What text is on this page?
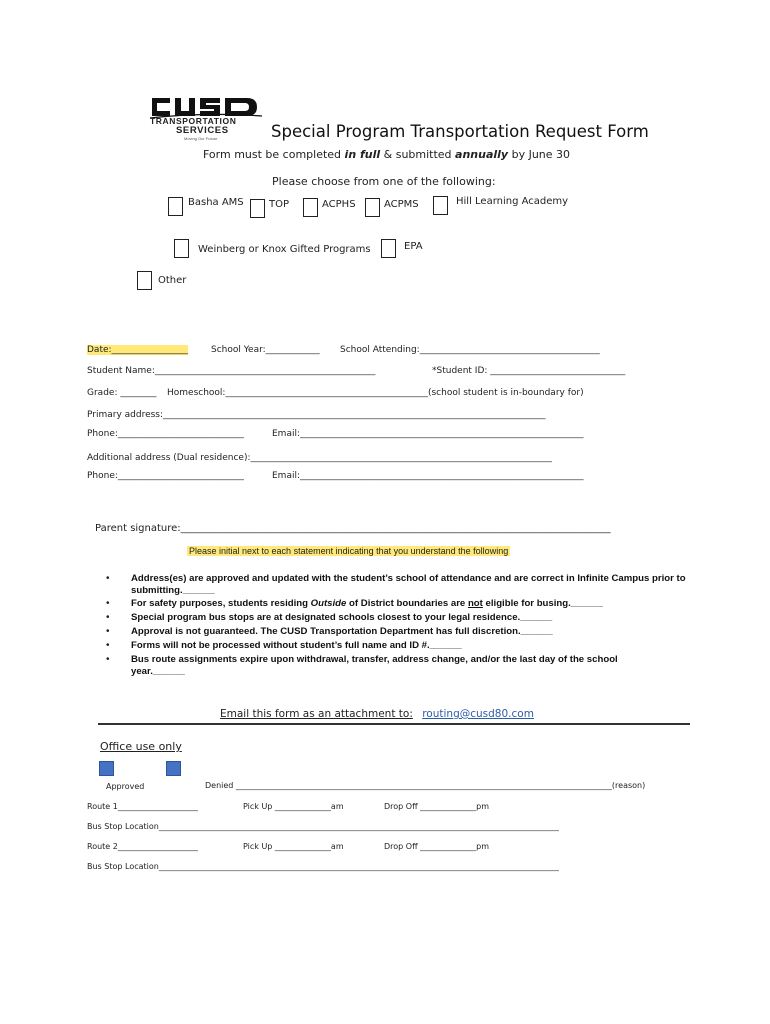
TRANSPORTATION
SERVICES
Moving Our Future	Special Program Transportation Request Form
Form must be completed in full & submitted annually by June 30
Please choose from one of the following:
Basha AMS	TOP	ACPHS	ACPMS	Hill Learning Academy
Weinberg or Knox Gifted Programs	EPA
Other
Date:_________________	School Year:____________ School Attending:________________________________________
Student Name:_________________________________________________	*Student ID: ______________________________
Grade: ________ Homeschool:_____________________________________________(school student is in-boundary for)
Primary address:_____________________________________________________________________________________
Phone:____________________________	Email:_______________________________________________________________
Additional address (Dual residence):___________________________________________________________________
Phone:____________________________	Email:_______________________________________________________________
Parent signature:______________________________________________________________________________________
Please initial next to each statement indicating that you understand the following
• Address(es) are approved and updated with the student’s school of attendance and are correct in Infinite Campus prior to submitting.______
• For safety purposes, students residing Outside of District boundaries are not eligible for busing.______
• Special program bus stops are at designated schools closest to your legal residence.______
• Approval is not guaranteed. The CUSD Transportation Department has full discretion.______
• Forms will not be processed without student’s full name and ID #.______
• Bus route assignments expire upon withdrawal, transfer, address change, and/or the last day of the school year.______
Email this form as an attachment to: routing@cusd80.com
Office use only
Approved	Denied ______________________________________________________________________________________________(reason)
Route 1____________________	Pick Up ______________am	Drop Off ______________pm
Bus Stop Location____________________________________________________________________________________________________
Route 2____________________	Pick Up ______________am	Drop Off ______________pm
Bus Stop Location____________________________________________________________________________________________________
